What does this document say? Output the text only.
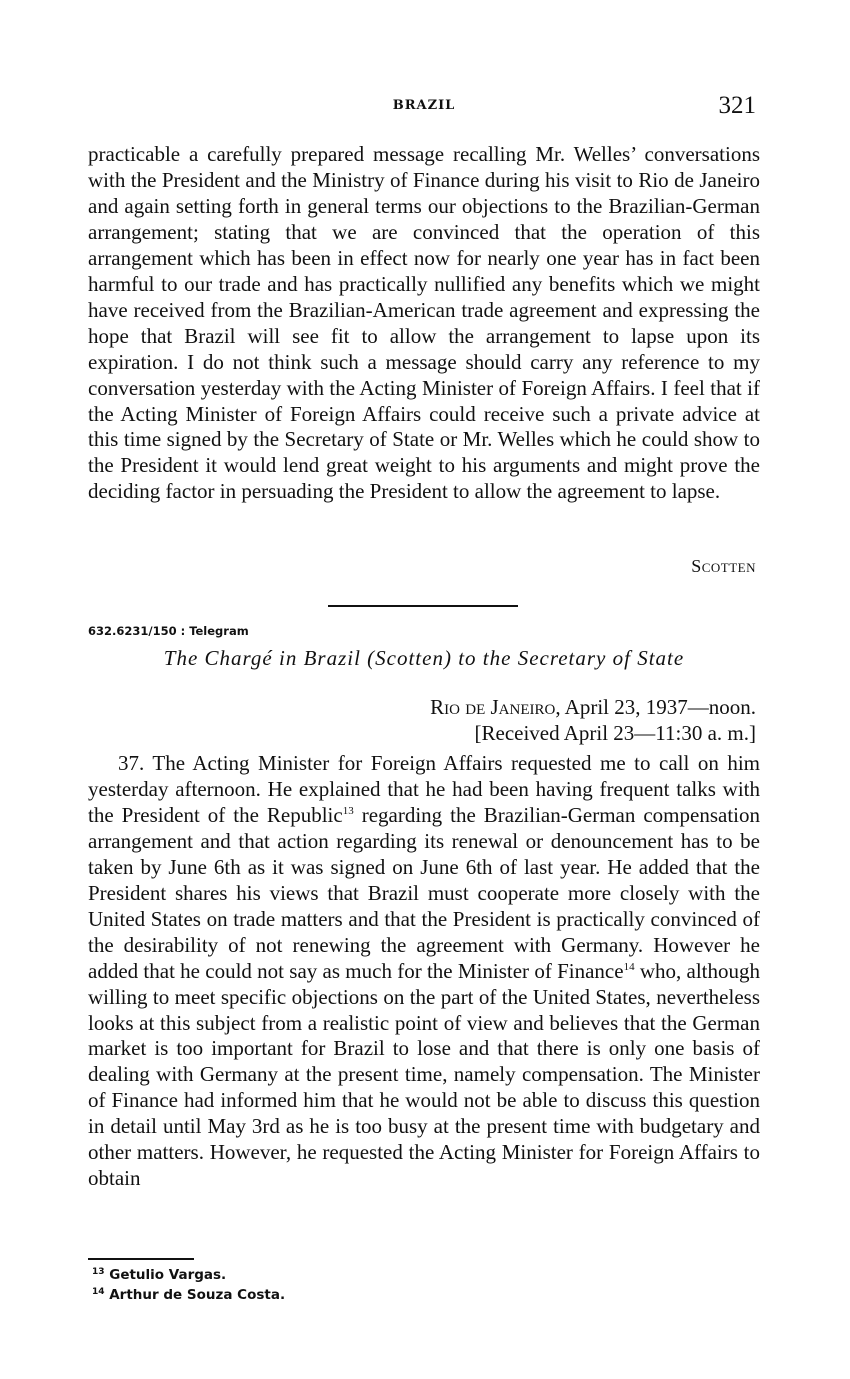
BRAZIL	321

practicable a carefully prepared message recalling Mr. Welles’ conversations with the President and the Ministry of Finance during his visit to Rio de Janeiro and again setting forth in general terms our objections to the Brazilian-German arrangement; stating that we are convinced that the operation of this arrangement which has been in effect now for nearly one year has in fact been harmful to our trade and has practically nullified any benefits which we might have received from the Brazilian-American trade agreement and expressing the hope that Brazil will see fit to allow the arrangement to lapse upon its expiration. I do not think such a message should carry any reference to my conversation yesterday with the Acting Minister of Foreign Affairs. I feel that if the Acting Minister of Foreign Affairs could receive such a private advice at this time signed by the Secretary of State or Mr. Welles which he could show to the President it would lend great weight to his arguments and might prove the deciding factor in persuading the President to allow the agreement to lapse.

Scotten
632.6231/150 : Telegram
The Chargé in Brazil (Scotten) to the Secretary of State
Rio de Janeiro, April 23, 1937—noon.
[Received April 23—11:30 a. m.]

37. The Acting Minister for Foreign Affairs requested me to call on him yesterday afternoon. He explained that he had been having frequent talks with the President of the Republic$^{13}$ regarding the Brazilian-German compensation arrangement and that action regarding its renewal or denouncement has to be taken by June 6th as it was signed on June 6th of last year. He added that the President shares his views that Brazil must cooperate more closely with the United States on trade matters and that the President is practically convinced of the desirability of not renewing the agreement with Germany. However he added that he could not say as much for the Minister of Finance$^{14}$ who, although willing to meet specific objections on the part of the United States, nevertheless looks at this subject from a realistic point of view and believes that the German market is too important for Brazil to lose and that there is only one basis of dealing with Germany at the present time, namely compensation. The Minister of Finance had informed him that he would not be able to discuss this question in detail until May 3rd as he is too busy at the present time with budgetary and other matters. However, he requested the Acting Minister for Foreign Affairs to obtain

$^{13}$ Getulio Vargas.
$^{14}$ Arthur de Souza Costa.
